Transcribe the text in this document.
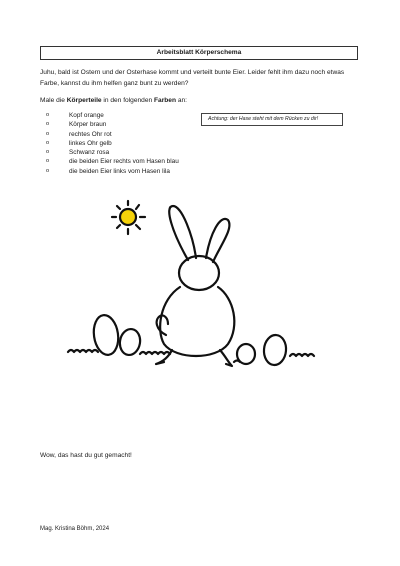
Arbeitsblatt Körperschema
Juhu, bald ist Ostern und der Osterhase kommt und verteilt bunte Eier. Leider fehlt ihm dazu noch etwas Farbe, kannst du ihm helfen ganz bunt zu werden?
Male die Körperteile in den folgenden Farben an:
o	Kopf orange
o	Körper braun
o	rechtes Ohr rot
o	linkes Ohr gelb
o	Schwanz rosa
o	die beiden Eier rechts vom Hasen blau
o	die beiden Eier links vom Hasen lila
Achtung: der Hase steht mit dem Rücken zu dir!
Wow, das hast du gut gemacht!
Mag. Kristina Böhm, 2024
